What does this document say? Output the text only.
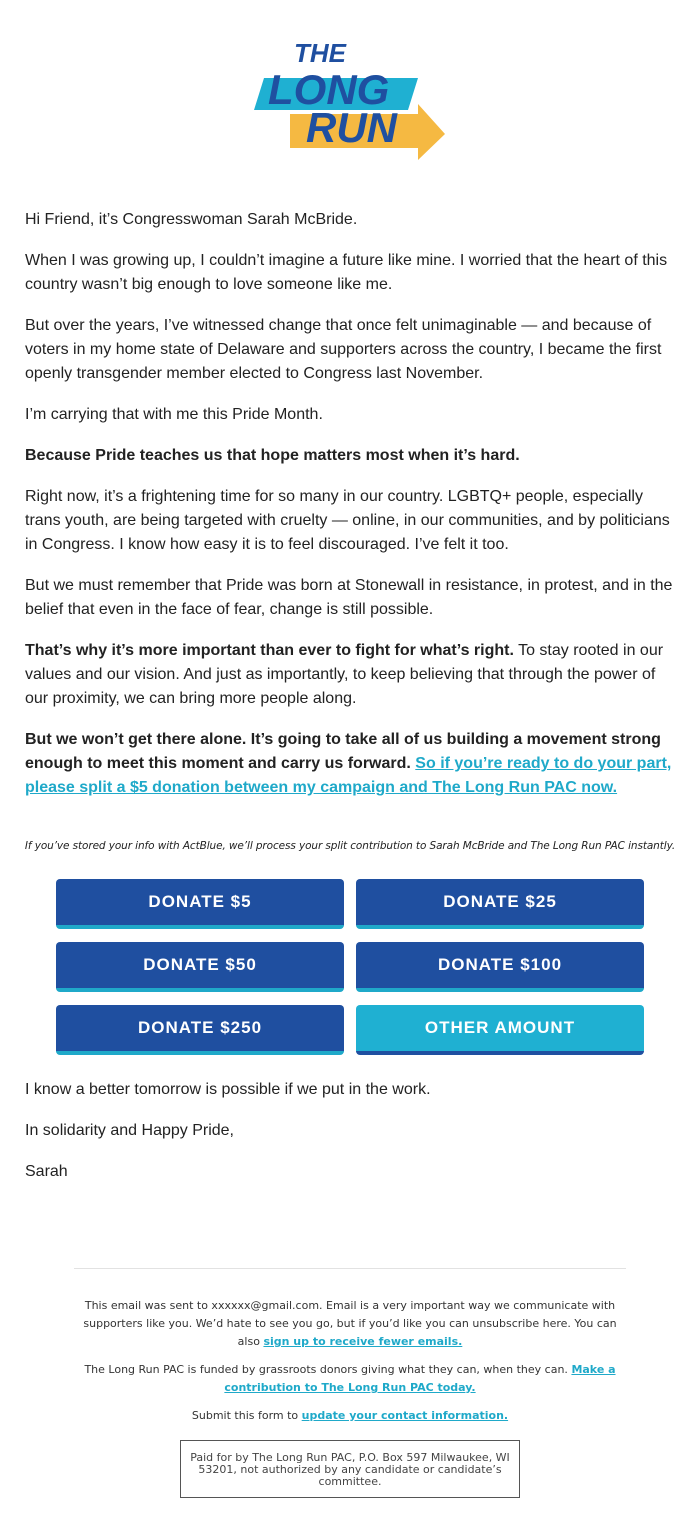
THE
LONG
RUN

Hi Friend, it’s Congresswoman Sarah McBride.

When I was growing up, I couldn’t imagine a future like mine. I worried that the heart of this country wasn’t big enough to love someone like me.

But over the years, I’ve witnessed change that once felt unimaginable — and because of voters in my home state of Delaware and supporters across the country, I became the first openly transgender member elected to Congress last November.

I’m carrying that with me this Pride Month.

Because Pride teaches us that hope matters most when it’s hard.

Right now, it’s a frightening time for so many in our country. LGBTQ+ people, especially trans youth, are being targeted with cruelty — online, in our communities, and by politicians in Congress. I know how easy it is to feel discouraged. I’ve felt it too.

But we must remember that Pride was born at Stonewall in resistance, in protest, and in the belief that even in the face of fear, change is still possible.

That’s why it’s more important than ever to fight for what’s right. To stay rooted in our values and our vision. And just as importantly, to keep believing that through the power of our proximity, we can bring more people along.

But we won’t get there alone. It’s going to take all of us building a movement strong enough to meet this moment and carry us forward. So if you’re ready to do your part, please split a $5 donation between my campaign and The Long Run PAC now.

If you’ve stored your info with ActBlue, we’ll process your split contribution to Sarah McBride and The Long Run PAC instantly.
DONATE $5	DONATE $25
DONATE $50	DONATE $100
DONATE $250	OTHER AMOUNT

I know a better tomorrow is possible if we put in the work.

In solidarity and Happy Pride,

Sarah

This email was sent to xxxxxx@gmail.com. Email is a very important way we communicate with supporters like you. We’d hate to see you go, but if you’d like you can unsubscribe here. You can also sign up to receive fewer emails.

The Long Run PAC is funded by grassroots donors giving what they can, when they can. Make a contribution to The Long Run PAC today.

Submit this form to update your contact information.

Paid for by The Long Run PAC, P.O. Box 597 Milwaukee, WI 53201, not authorized by any candidate or candidate’s committee.
